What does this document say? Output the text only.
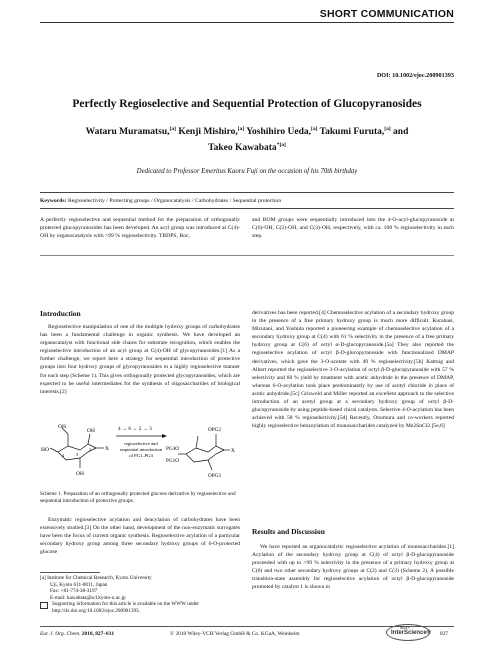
SHORT COMMUNICATION
DOI: 10.1002/ejoc.200901393
Perfectly Regioselective and Sequential Protection of Glucopyranosides
Wataru Muramatsu,[a] Kenji Mishiro,[a] Yoshihiro Ueda,[a] Takumi Furuta,[a] and
Takeo Kawabata$^{*[a]}$
Dedicated to Professor Emeritus Kaoru Fuji on the occasion of his 70th birthday
Keywords: Regioselectivity / Protecting groups / Organocatalysis / Carbohydrates / Sequential protection
A perfectly regioselective and sequential method for the preparation of orthogonally protected glucopyranosides has been developed. An acyl group was introduced at C(4)-OH by organocatalysis with >99 % regioselectivity. TBDPS, Boc,
and BOM groups were sequentially introduced into the 4-O-acyl-glucopyranoside at C(6)-OH, C(2)-OH, and C(3)-OH, respectively, with ca. 100 % regioselectivity in each step.
Introduction

Regioselective manipulation of one of the multiple hydroxy groups of carbohydrates has been a fundamental challenge in organic synthesis. We have developed an organocatalyst with functional side chains for substrate recognition, which enables the regioselective introduction of an acyl group at C(4)-OH of glycopyranosides.[1] As a further challenge, we report here a strategy for sequential introduction of protective groups into four hydroxy groups of glycopyranosides in a highly regioselective manner for each step (Scheme 1). This gives orthogonally protected glycopyranosides, which are expected to be useful intermediates for the synthesis of oligosaccharides of biological interests.[2]

OH
HO
OH
OH
X
4	3
2
4 → 6 → 2 → 3
regioselective and
sequential introduction
of PG1–PG4
OPG2
PG4O
PG1O
OPG3
X
Scheme 1. Preparation of an orthogonally protected glucose derivative by regioselective and sequential introduction of protective groups.

Enzymatic regioselective acylation and deacylation of carbohydrates have been extensively studied.[3] On the other hand, development of the non-enzymatic surrogates have been the focus of current organic synthesis. Regioselective acylation of a particular secondary hydroxy group among three secondary hydroxy groups of 6-O-protected glucose

[a] Institute for Chemical Research, Kyoto University
Uji, Kyoto 611-0011, Japan
Fax: +81-774-38-3197
E-mail: kawabata@scl.kyoto-u.ac.jp
Supporting information for this article is available on the WWW under http://dx.doi.org/10.1002/ejoc.200901393.

derivatives has been reported.[4] Chemoselective acylation of a secondary hydroxy group in the presence of a free primary hydroxy group is much more difficult. Kurahasi, Mizutani, and Yoshida reported a pioneering example of chemoselective acylation of a secondary hydroxy group at C(4) with 61 % selectivity in the presence of a free primary hydroxy group at C(6) of octyl α-D-glucopyranoside.[5a] They also reported the regioselective acylation of octyl β-D-glucopyranoside with functionalized DMAP derivatives, which gave the 3-O-acetate with 49 % regioselectivity.[5b] Kattnig and Albert reported the regioselective 3-O-acylation of octyl β-D-glucopyranoside with 57 % selectivity and 60 % yield by treatment with acetic anhydride in the presence of DMAP, whereas 6-O-acylation took place predominantly by use of acetyl chloride in place of acetic anhydride.[5c] Griswold and Miller reported an excellent approach to the selective introduction of an acetyl group at a secondary hydroxy group of octyl β-D-glucopyranoside by using peptide-based chiral catalysts. Selective 4-O-acylation has been achieved with 58 % regioselectivity.[5d] Recently, Onomura and co-workers reported highly regioselective benzoylation of monosaccharides catalyzed by Me2SnCl2.[5e,6]

Results and Discussion

We have reported an organocatalytic regioselective acylation of monosaccharides.[1] Acylation of the secondary hydroxy group at C(4) of octyl β-D-glucopyranoside proceeded with up to >99 % selectivity in the presence of a primary hydroxy group at C(6) and two other secondary hydroxy groups at C(2) and C(3) (Scheme 2). A possible transition-state assembly for regioselective acylation of octyl β-D-glucopyranoside promoted by catalyst 1 is shown in

Eur. J. Org. Chem. 2010, 827–831	© 2010 Wiley-VCH Verlag GmbH & Co. KGaA, Weinheim
WILEY
InterScience® 827
